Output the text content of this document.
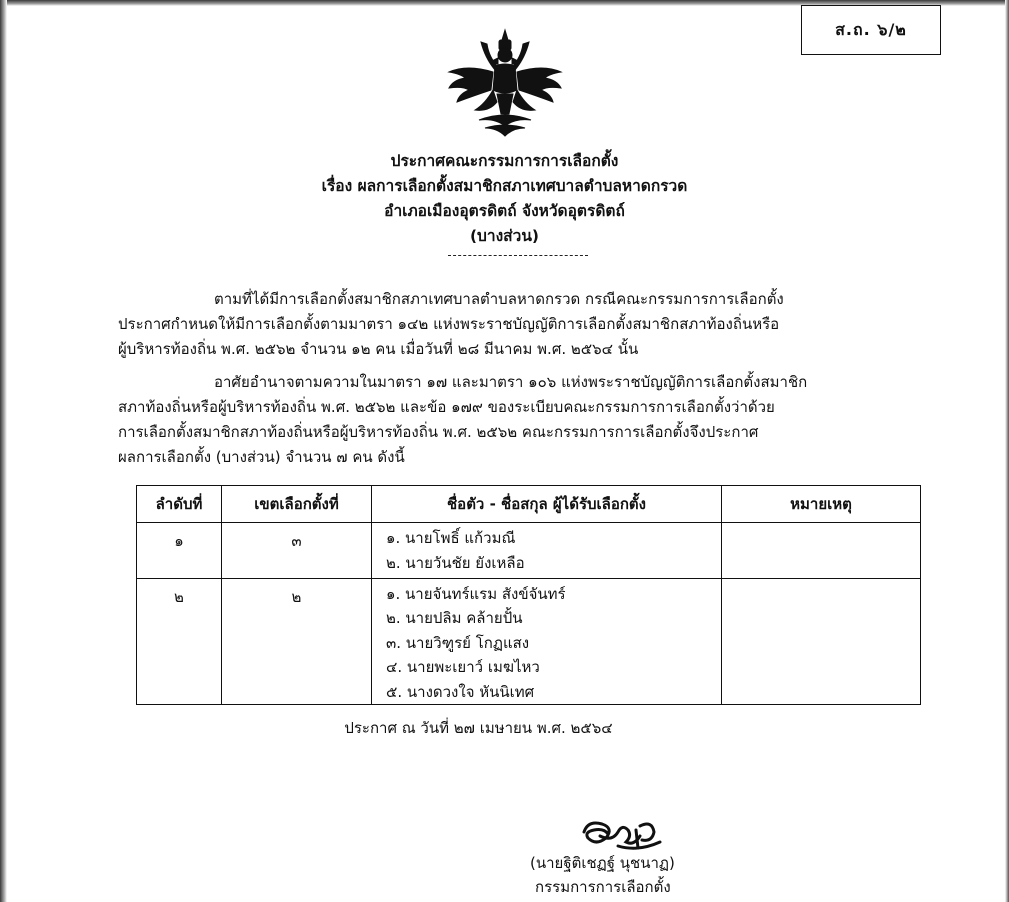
ส.ถ. ๖/๒
ประกาศคณะกรรมการการเลือกตั้ง
เรื่อง ผลการเลือกตั้งสมาชิกสภาเทศบาลตำบลหาดกรวด
อำเภอเมืองอุตรดิตถ์ จังหวัดอุตรดิตถ์
(บางส่วน)

ตามที่ได้มีการเลือกตั้งสมาชิกสภาเทศบาลตำบลหาดกรวด กรณีคณะกรรมการการเลือกตั้ง
ประกาศกำหนดให้มีการเลือกตั้งตามมาตรา ๑๔๒ แห่งพระราชบัญญัติการเลือกตั้งสมาชิกสภาท้องถิ่นหรือ
ผู้บริหารท้องถิ่น พ.ศ. ๒๕๖๒ จำนวน ๑๒ คน เมื่อวันที่ ๒๘ มีนาคม พ.ศ. ๒๕๖๔ นั้น

อาศัยอำนาจตามความในมาตรา ๑๗ และมาตรา ๑๐๖ แห่งพระราชบัญญัติการเลือกตั้งสมาชิก
สภาท้องถิ่นหรือผู้บริหารท้องถิ่น พ.ศ. ๒๕๖๒ และข้อ ๑๗๙ ของระเบียบคณะกรรมการการเลือกตั้งว่าด้วย
การเลือกตั้งสมาชิกสภาท้องถิ่นหรือผู้บริหารท้องถิ่น พ.ศ. ๒๕๖๒ คณะกรรมการการเลือกตั้งจึงประกาศ
ผลการเลือกตั้ง (บางส่วน) จำนวน ๗ คน ดังนี้

ลำดับที่	เขตเลือกตั้งที่	ชื่อตัว - ชื่อสกุล ผู้ได้รับเลือกตั้ง	หมายเหตุ
๑	๓	๑. นายโพธิ์ แก้วมณี
๒. นายวันชัย ยังเหลือ	

๒	๒	๑. นายจันทร์แรม สังข์จันทร์
๒. นายปลิม คล้ายปั้น
๓. นายวิฑูรย์ โกฏแสง
๔. นายพะเยาว์ เมฆไหว
๕. นางดวงใจ หันนิเทศ	

ประกาศ ณ วันที่ ๒๗ เมษายน พ.ศ. ๒๕๖๔
(นายฐิติเชฏฐ์ นุชนาฏ)
กรรมการการเลือกตั้ง
